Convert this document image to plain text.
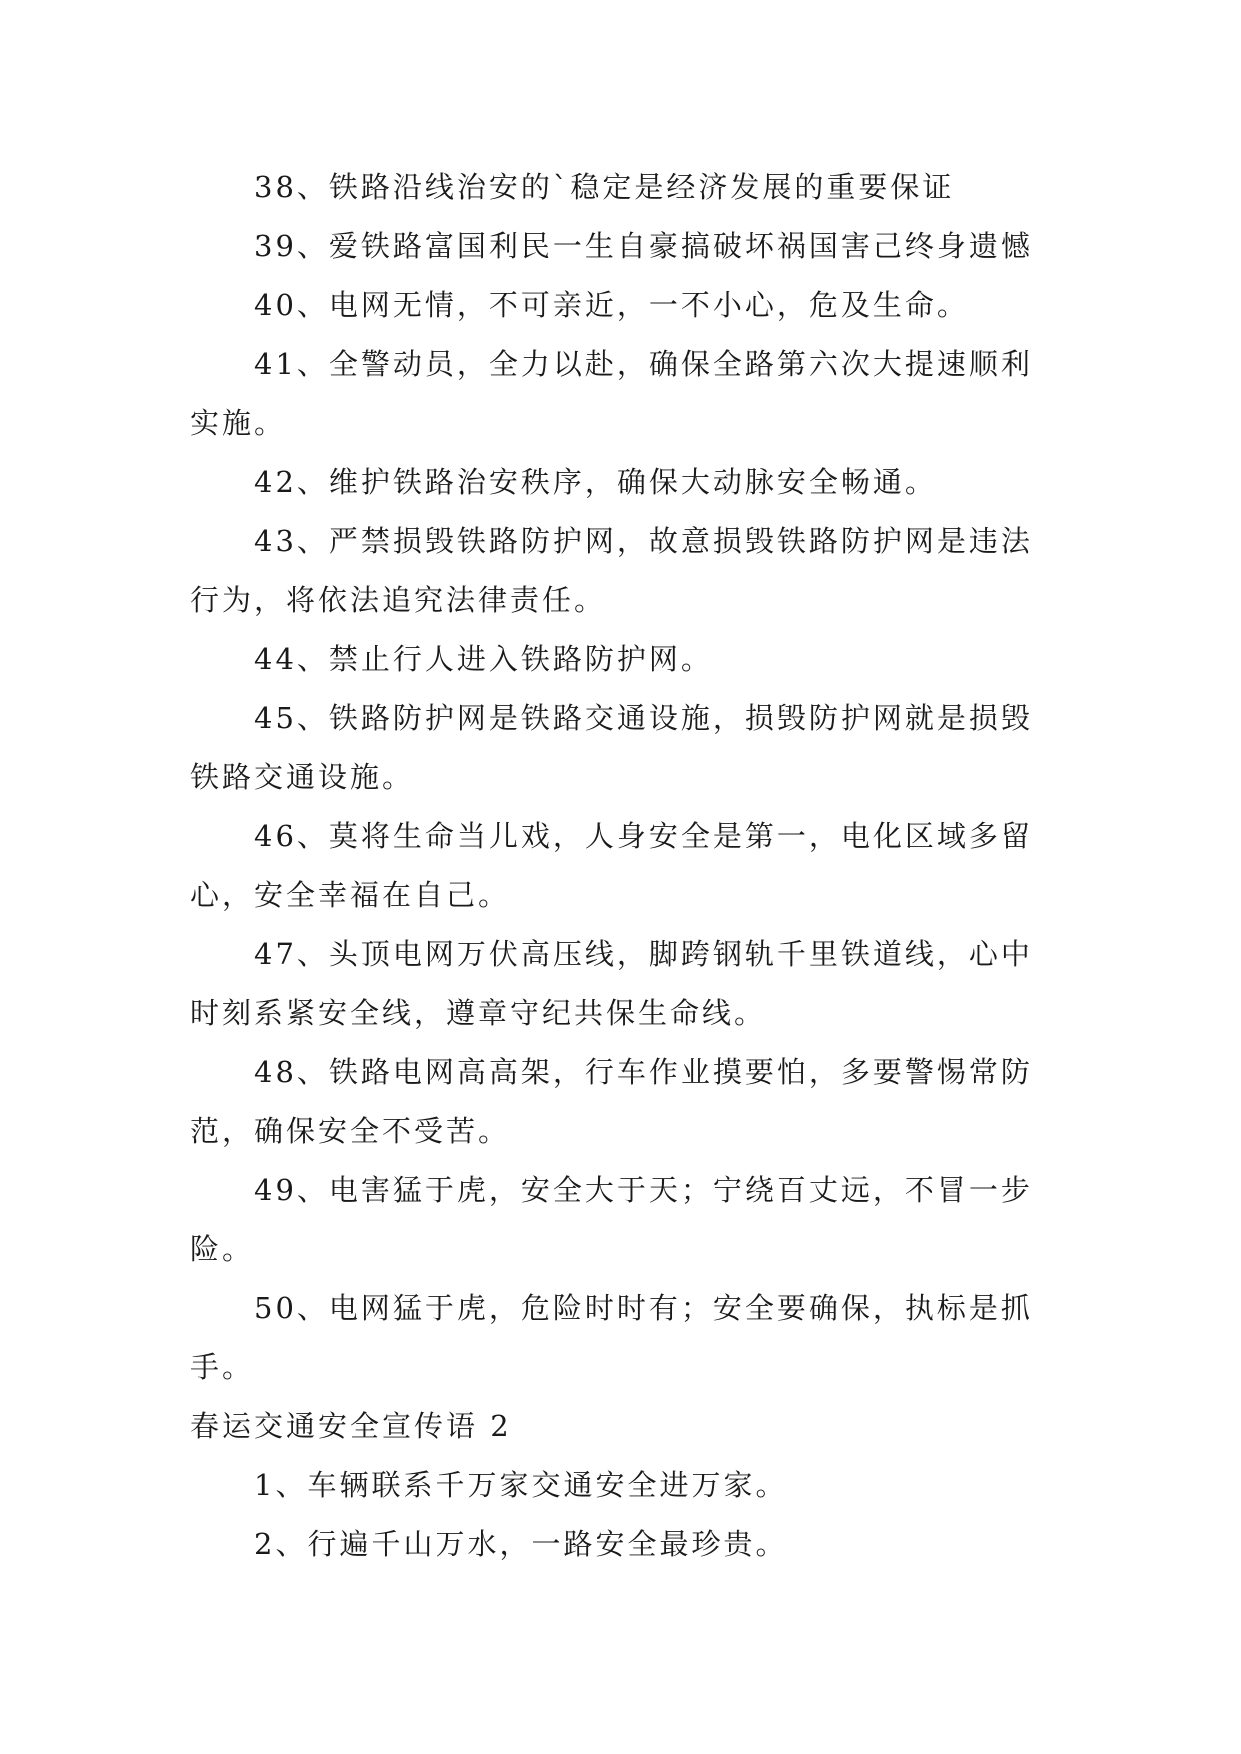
38、铁路沿线治安的`稳定是经济发展的重要保证

39、爱铁路富国利民一生自豪搞破坏祸国害己终身遗憾

40、电网无情，不可亲近，一不小心，危及生命。

41、全警动员，全力以赴，确保全路第六次大提速顺利实施。

42、维护铁路治安秩序，确保大动脉安全畅通。

43、严禁损毁铁路防护网，故意损毁铁路防护网是违法行为，将依法追究法律责任。

44、禁止行人进入铁路防护网。

45、铁路防护网是铁路交通设施，损毁防护网就是损毁铁路交通设施。

46、莫将生命当儿戏，人身安全是第一，电化区域多留心，安全幸福在自己。

47、头顶电网万伏高压线，脚跨钢轨千里铁道线，心中时刻系紧安全线，遵章守纪共保生命线。

48、铁路电网高高架，行车作业摸要怕，多要警惕常防范，确保安全不受苦。

49、电害猛于虎，安全大于天；宁绕百丈远，不冒一步险。

50、电网猛于虎，危险时时有；安全要确保，执标是抓手。

春运交通安全宣传语 2

1、车辆联系千万家交通安全进万家。

2、行遍千山万水，一路安全最珍贵。
